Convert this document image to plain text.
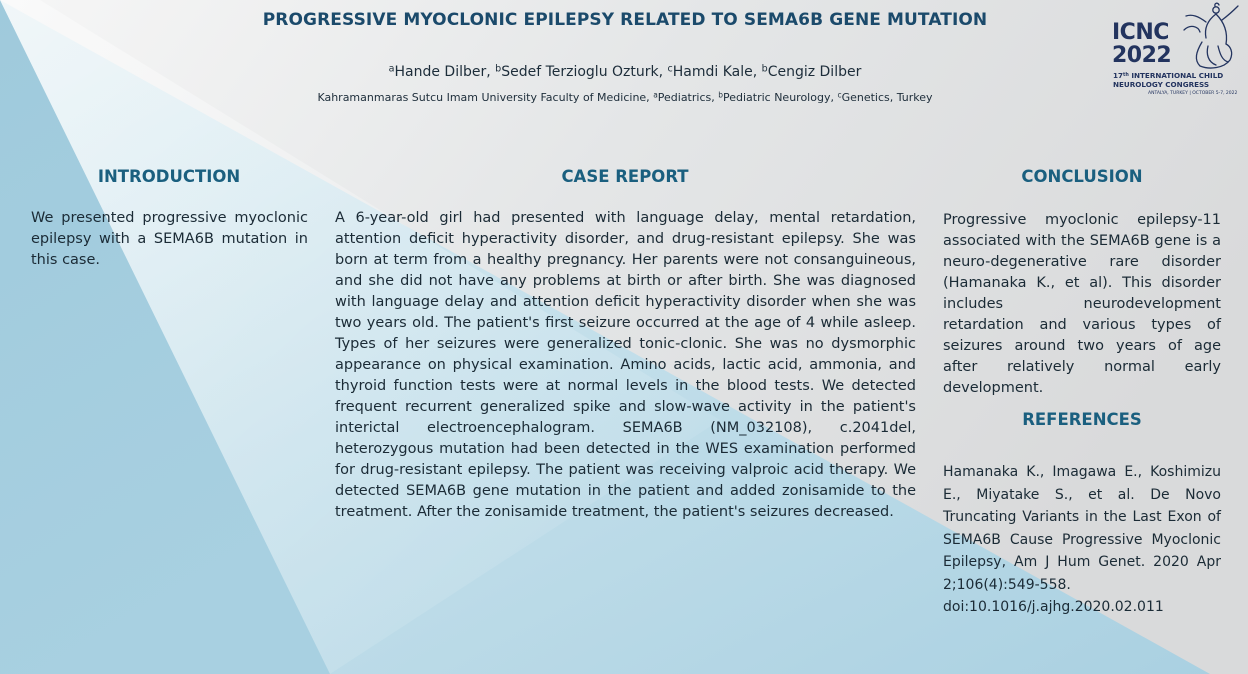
PROGRESSIVE MYOCLONIC EPILEPSY RELATED TO SEMA6B GENE MUTATION
$^a$Hande Dilber, $^b$Sedef Terzioglu Ozturk, $^c$Hamdi Kale, $^b$Cengiz Dilber
Kahramanmaras Sutcu Imam University Faculty of Medicine, $^a$Pediatrics, $^b$Pediatric Neurology, $^c$Genetics, Turkey
ICNC
2022
17th INTERNATIONAL CHILD
NEUROLOGY CONGRESS
ANTALYA, TURKEY | OCTOBER 5-7, 2022
INTRODUCTION
We presented progressive myoclonic epilepsy with a SEMA6B mutation in this case.
CASE REPORT
A 6-year-old girl had presented with language delay, mental retardation, attention deficit hyperactivity disorder, and drug-resistant epilepsy. She was born at term from a healthy pregnancy. Her parents were not consanguineous, and she did not have any problems at birth or after birth. She was diagnosed with language delay and attention deficit hyperactivity disorder when she was two years old. The patient's first seizure occurred at the age of 4 while asleep. Types of her seizures were generalized tonic-clonic. She was no dysmorphic appearance on physical examination. Amino acids, lactic acid, ammonia, and thyroid function tests were at normal levels in the blood tests. We detected frequent recurrent generalized spike and slow-wave activity in the patient's interictal electroencephalogram. SEMA6B (NM_032108), c.2041del, heterozygous mutation had been detected in the WES examination performed for drug-resistant epilepsy. The patient was receiving valproic acid therapy. We detected SEMA6B gene mutation in the patient and added zonisamide to the treatment. After the zonisamide treatment, the patient's seizures decreased.
CONCLUSION
Progressive myoclonic epilepsy-11 associated with the SEMA6B gene is a neuro-degenerative rare disorder (Hamanaka K., et al). This disorder includes neurodevelopment retardation and various types of seizures around two years of age after relatively normal early development.
REFERENCES
Hamanaka K., Imagawa E., Koshimizu E., Miyatake S., et al. De Novo Truncating Variants in the Last Exon of SEMA6B Cause Progressive Myoclonic Epilepsy, Am J Hum Genet. 2020 Apr 2;106(4):549-558.
doi:10.1016/j.ajhg.2020.02.011
